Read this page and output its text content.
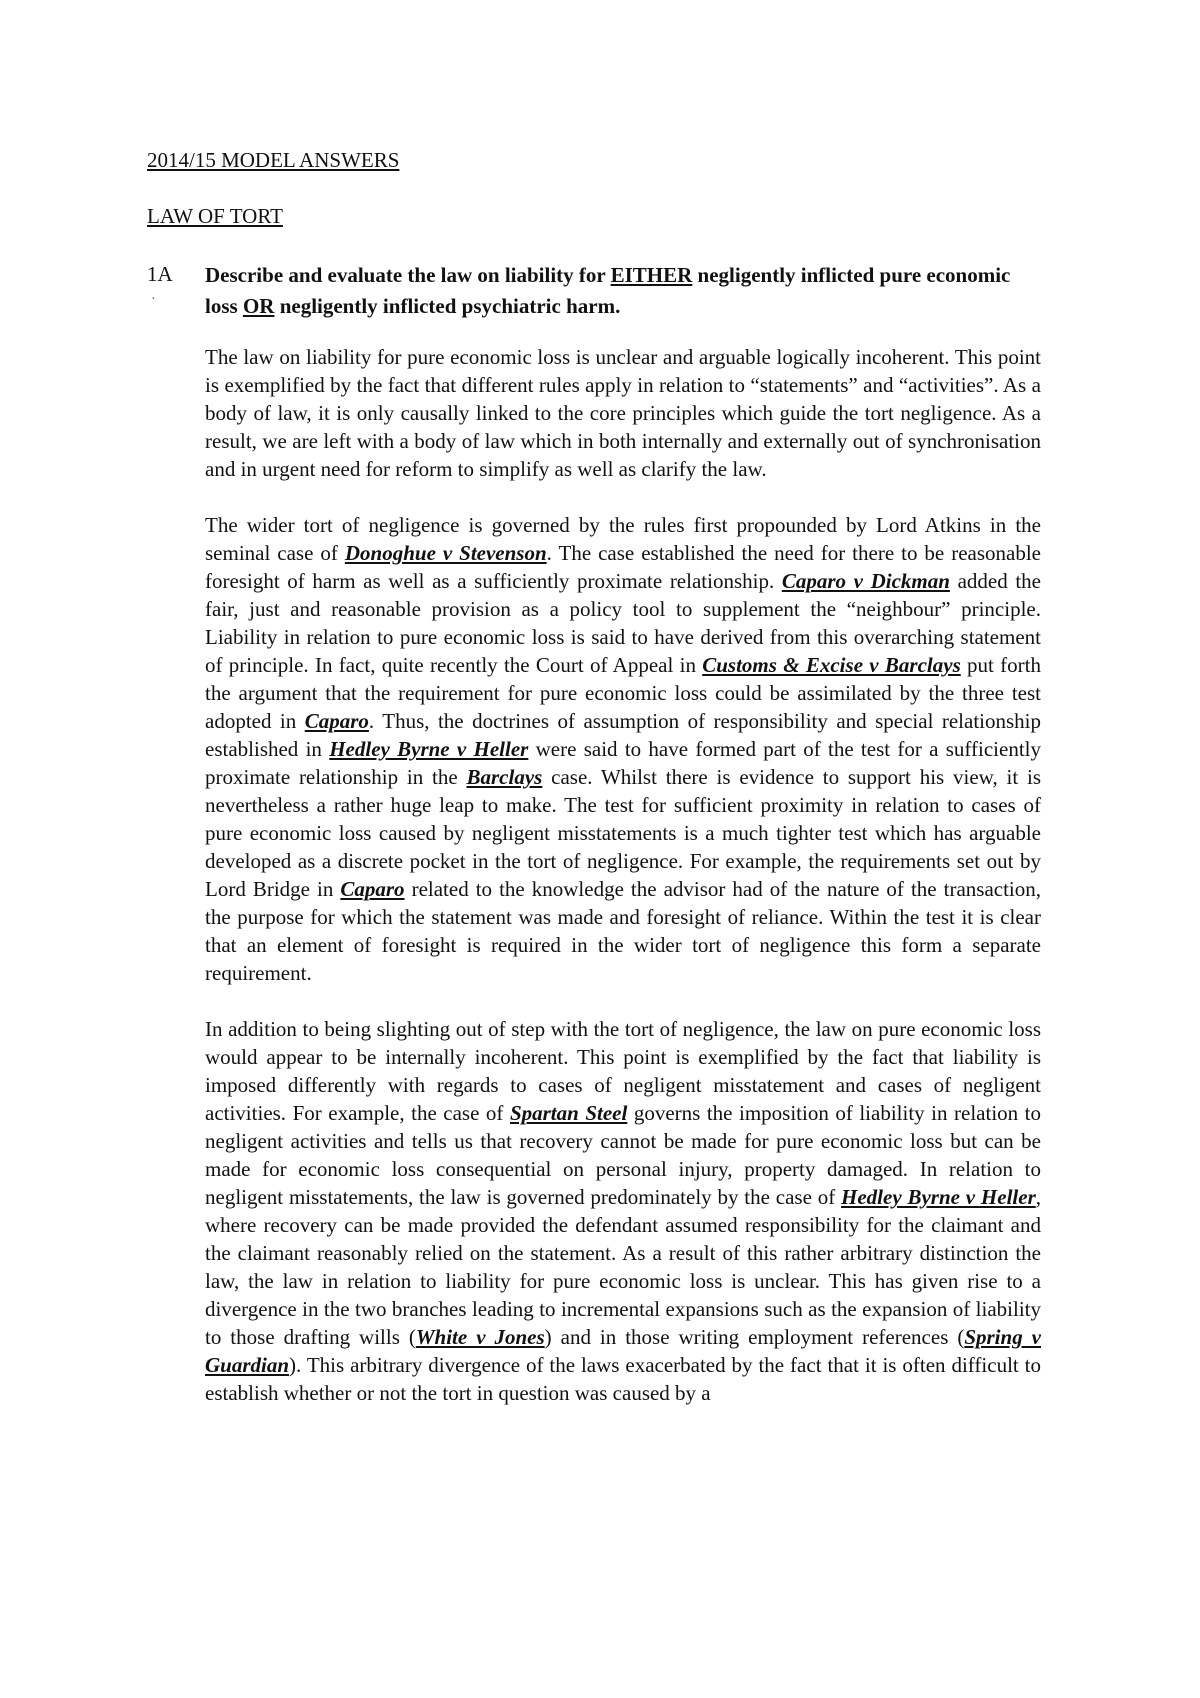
2014/15 MODEL ANSWERS
LAW OF TORT
1A
·
Describe and evaluate the law on liability for EITHER negligently inflicted pure economic loss OR negligently inflicted psychiatric harm.

The law on liability for pure economic loss is unclear and arguable logically incoherent. This point is exemplified by the fact that different rules apply in relation to “statements” and “activities”. As a body of law, it is only causally linked to the core principles which guide the tort negligence. As a result, we are left with a body of law which in both internally and externally out of synchronisation and in urgent need for reform to simplify as well as clarify the law.

The wider tort of negligence is governed by the rules first propounded by Lord Atkins in the seminal case of Donoghue v Stevenson. The case established the need for there to be reasonable foresight of harm as well as a sufficiently proximate relationship. Caparo v Dickman added the fair, just and reasonable provision as a policy tool to supplement the “neighbour” principle. Liability in relation to pure economic loss is said to have derived from this overarching statement of principle. In fact, quite recently the Court of Appeal in Customs & Excise v Barclays put forth the argument that the requirement for pure economic loss could be assimilated by the three test adopted in Caparo. Thus, the doctrines of assumption of responsibility and special relationship established in Hedley Byrne v Heller were said to have formed part of the test for a sufficiently proximate relationship in the Barclays case. Whilst there is evidence to support his view, it is nevertheless a rather huge leap to make. The test for sufficient proximity in relation to cases of pure economic loss caused by negligent misstatements is a much tighter test which has arguable developed as a discrete pocket in the tort of negligence. For example, the requirements set out by Lord Bridge in Caparo related to the knowledge the advisor had of the nature of the transaction, the purpose for which the statement was made and foresight of reliance. Within the test it is clear that an element of foresight is required in the wider tort of negligence this form a separate requirement.

In addition to being slighting out of step with the tort of negligence, the law on pure economic loss would appear to be internally incoherent. This point is exemplified by the fact that liability is imposed differently with regards to cases of negligent misstatement and cases of negligent activities. For example, the case of Spartan Steel governs the imposition of liability in relation to negligent activities and tells us that recovery cannot be made for pure economic loss but can be made for economic loss consequential on personal injury, property damaged. In relation to negligent misstatements, the law is governed predominately by the case of Hedley Byrne v Heller, where recovery can be made provided the defendant assumed responsibility for the claimant and the claimant reasonably relied on the statement. As a result of this rather arbitrary distinction the law, the law in relation to liability for pure economic loss is unclear. This has given rise to a divergence in the two branches leading to incremental expansions such as the expansion of liability to those drafting wills (White v Jones) and in those writing employment references (Spring v Guardian). This arbitrary divergence of the laws exacerbated by the fact that it is often difficult to establish whether or not the tort in question was caused by a
